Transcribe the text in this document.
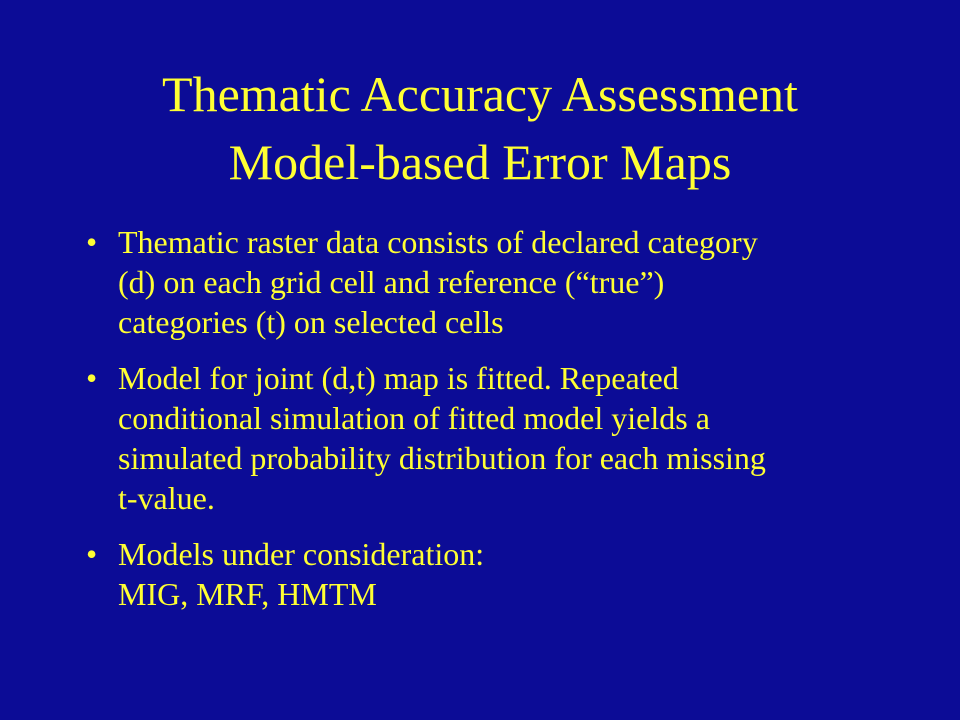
Thematic Accuracy Assessment
Model-based Error Maps
• Thematic raster data consists of declared category
(d) on each grid cell and reference (“true”)
categories (t) on selected cells
• Model for joint (d,t) map is fitted. Repeated
conditional simulation of fitted model yields a
simulated probability distribution for each missing
t-value.
• Models under consideration:
MIG, MRF, HMTM
